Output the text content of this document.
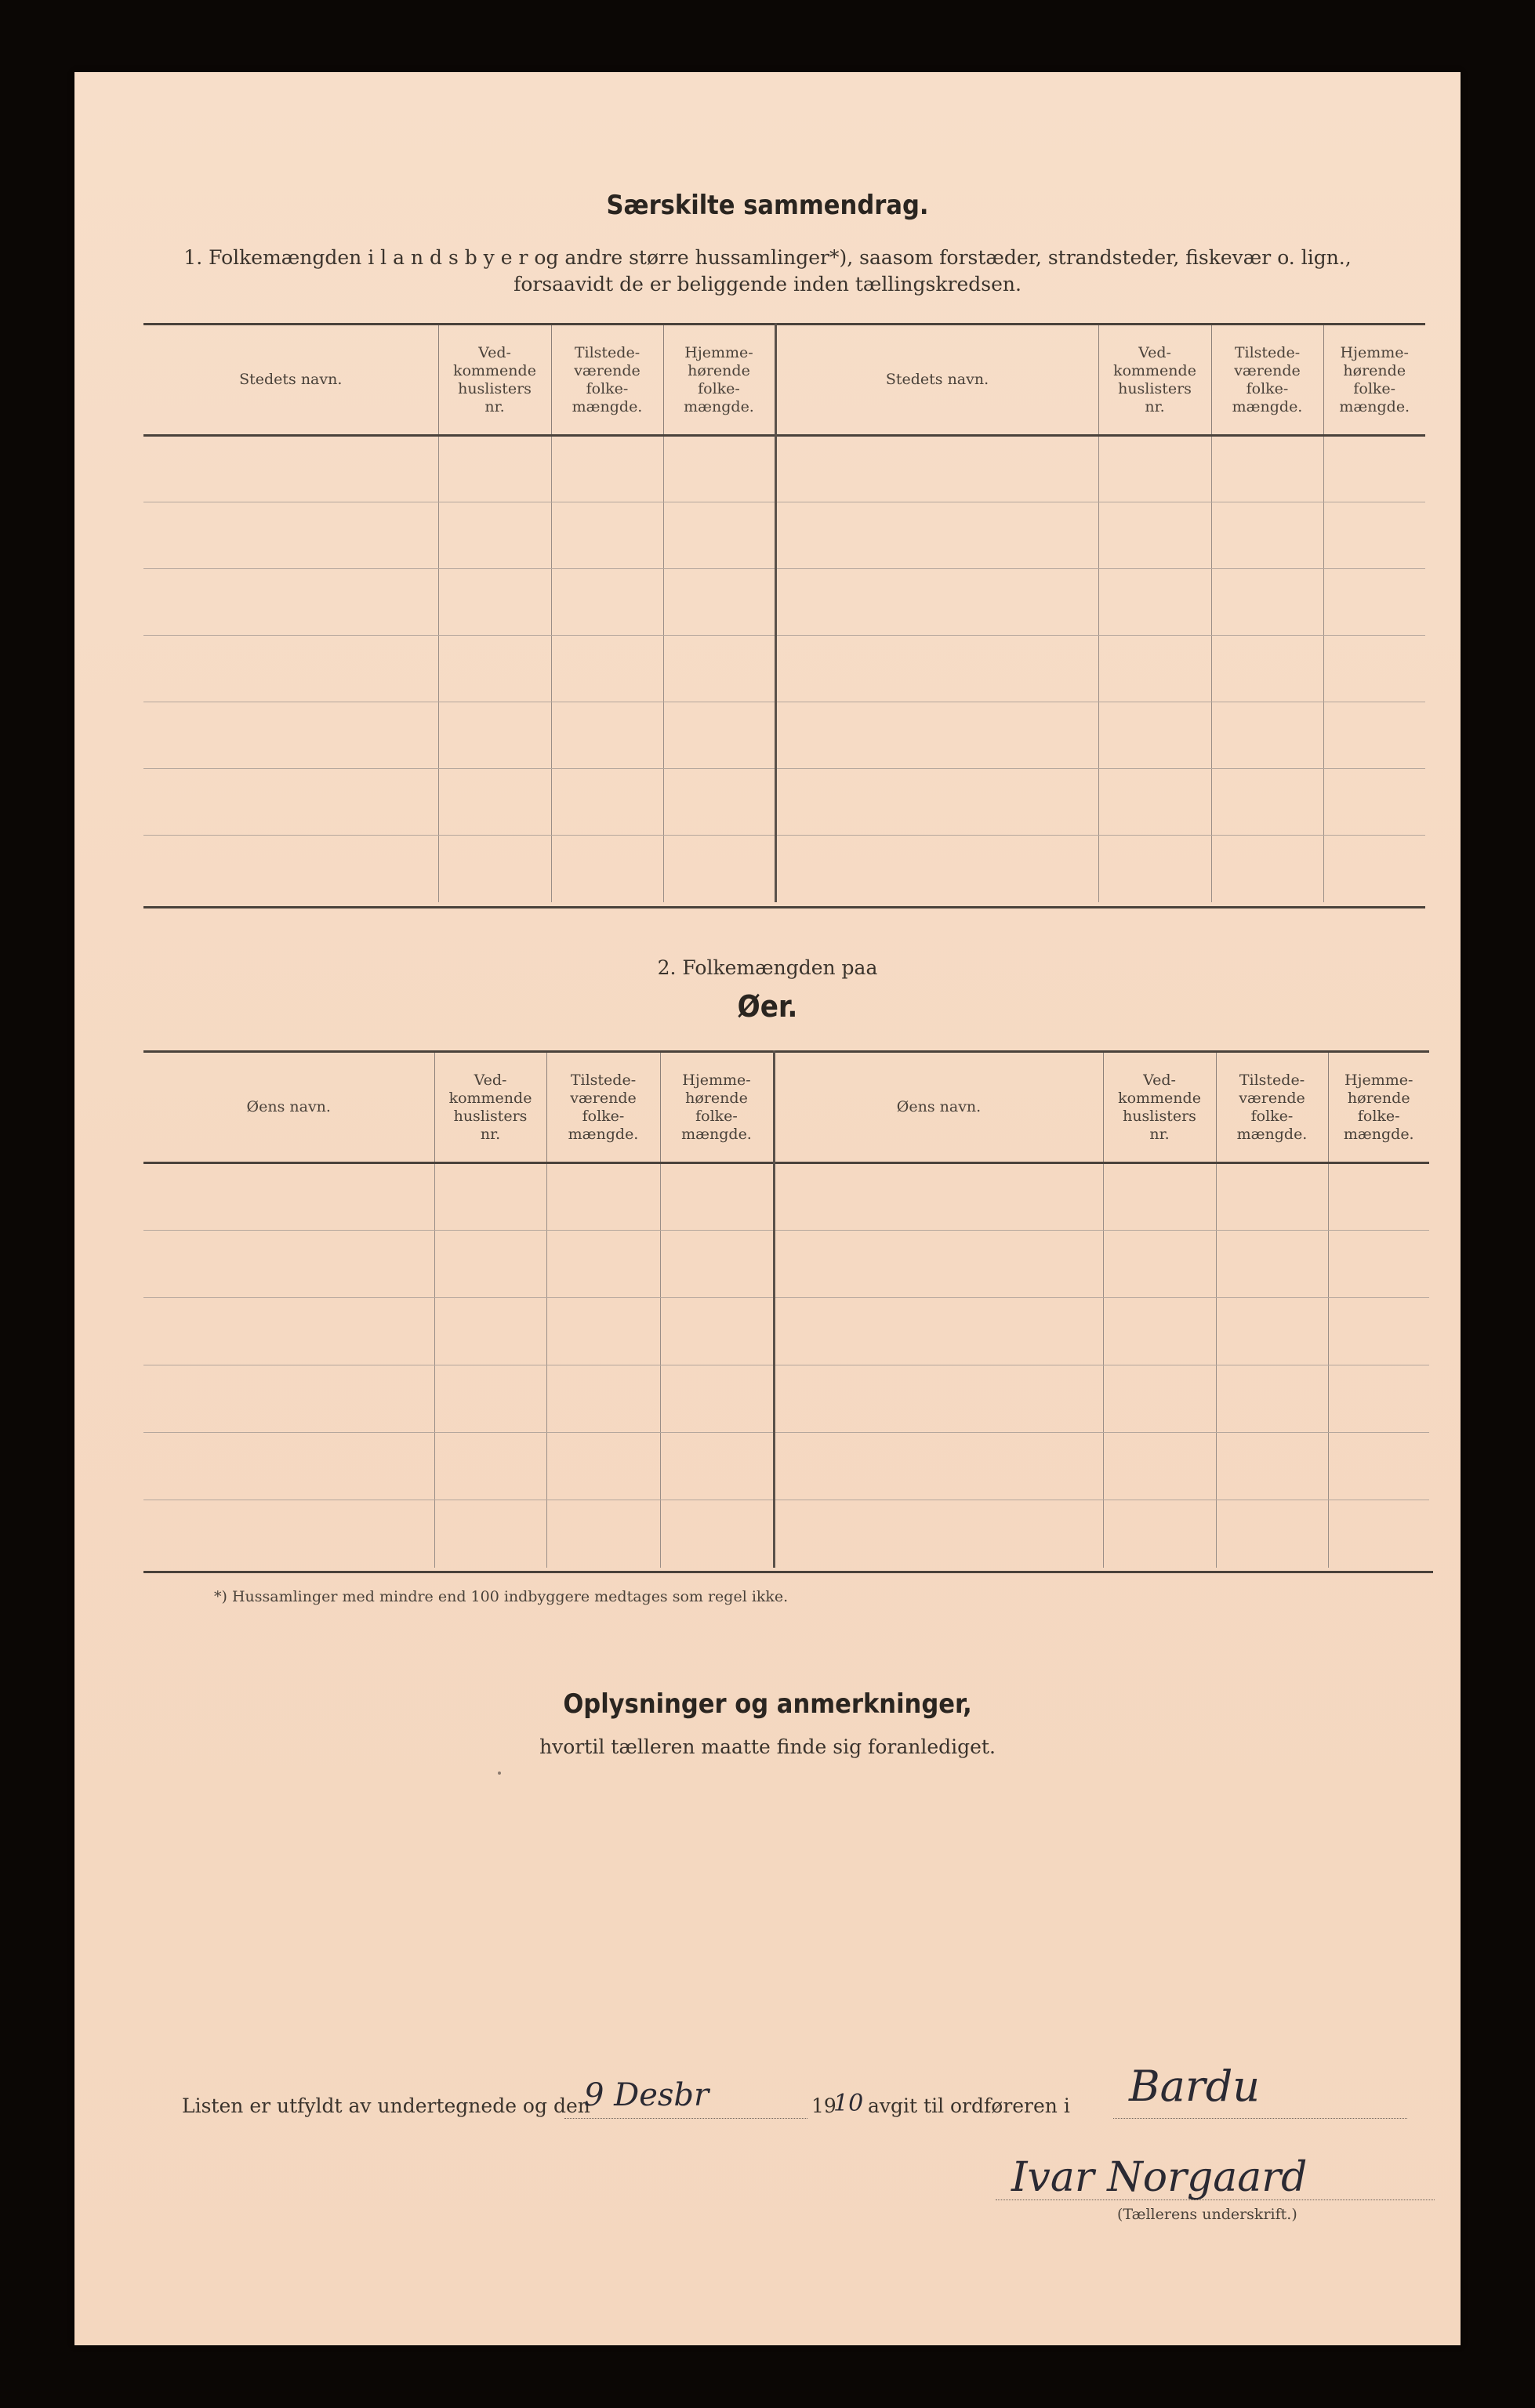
Særskilte sammendrag.
1. Folkemængden i l a n d s b y e r og andre større hussamlinger*), saasom forstæder, strandsteder, fiskevær o. lign.,
forsaavidt de er beliggende inden tællingskredsen.
Stedets navn.	Ved-
kommende
huslisters
nr.	Tilstede-
værende
folke-
mængde.	Hjemme-
hørende
folke-
mængde.	Stedets navn.	Ved-
kommende
huslisters
nr.	Tilstede-
værende
folke-
mængde.	Hjemme-
hørende
folke-
mængde.

2. Folkemængden paa
Øer.
Øens navn.	Ved-
kommende
huslisters
nr.	Tilstede-
værende
folke-
mængde.	Hjemme-
hørende
folke-
mængde.	Øens navn.	Ved-
kommende
huslisters
nr.	Tilstede-
værende
folke-
mængde.	Hjemme-
hørende
folke-
mængde.

*) Hussamlinger med mindre end 100 indbyggere medtages som regel ikke.
Oplysninger og anmerkninger,
hvortil tælleren maatte finde sig foranlediget.
Listen er utfyldt av undertegnede og den
9 Desbr	19
10 avgit til ordføreren i Bardu
Ivar Norgaard
(Tællerens underskrift.)
